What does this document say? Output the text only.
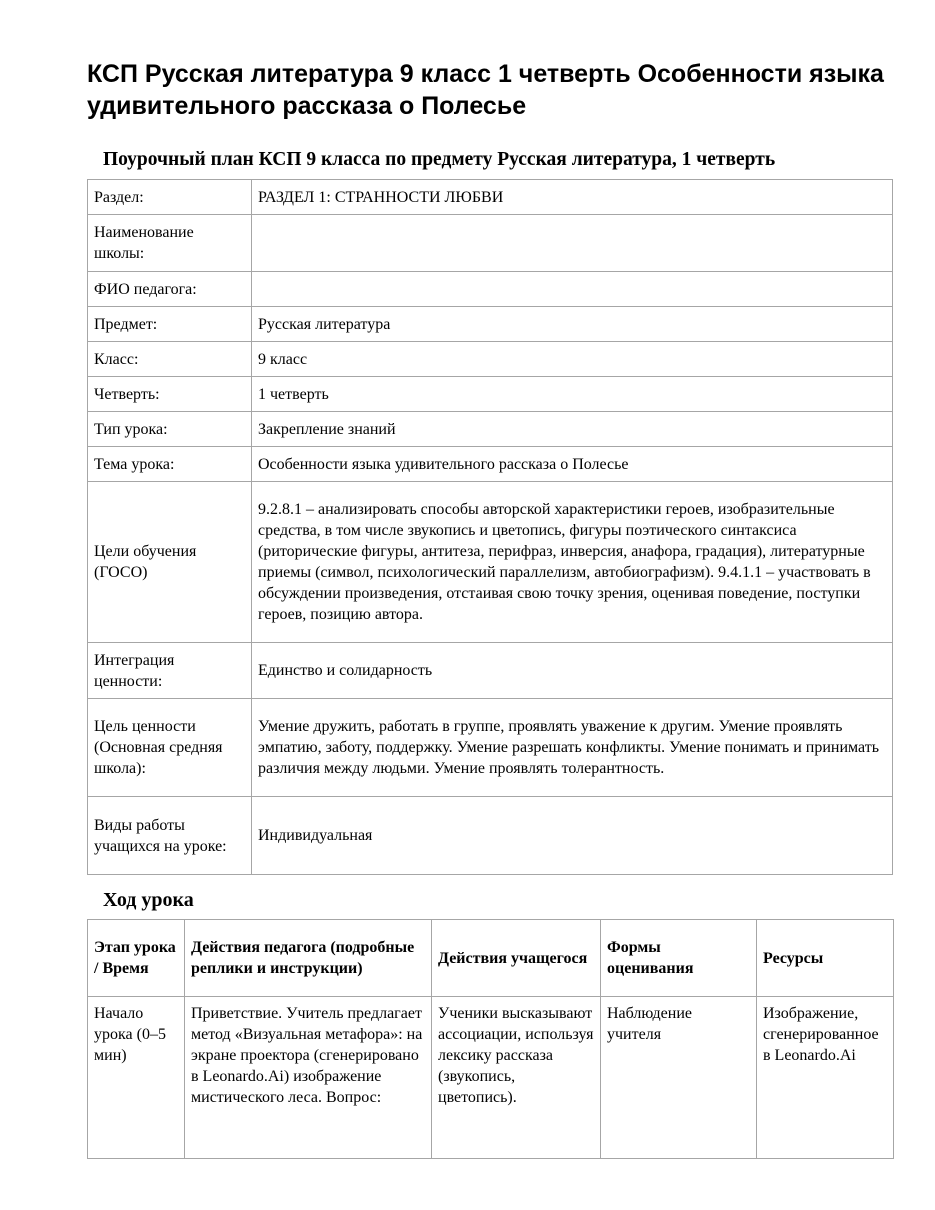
КСП Русская литература 9 класс 1 четверть Особенности языка удивительного рассказа о Полесье
Поурочный план КСП 9 класса по предмету Русская литература, 1 четверть
Раздел:	РАЗДЕЛ 1: СТРАННОСТИ ЛЮБВИ
Наименование школы:	
ФИО педагога:	
Предмет:	Русская литература
Класс:	9 класс
Четверть:	1 четверть
Тип урока:	Закрепление знаний
Тема урока:	Особенности языка удивительного рассказа о Полесье
Цели обучения (ГОСО)	9.2.8.1 – анализировать способы авторской характеристики героев, изобразительные средства, в том числе звукопись и цветопись, фигуры поэтического синтаксиса (риторические фигуры, антитеза, перифраз, инверсия, анафора, градация), литературные приемы (символ, психологический параллелизм, автобиографизм). 9.4.1.1 – участвовать в обсуждении произведения, отстаивая свою точку зрения, оценивая поведение, поступки героев, позицию автора.
Интеграция ценности:	Единство и солидарность
Цель ценности (Основная средняя школа):	Умение дружить, работать в группе, проявлять уважение к другим. Умение проявлять эмпатию, заботу, поддержку. Умение разрешать конфликты. Умение понимать и принимать различия между людьми. Умение проявлять толерантность.
Виды работы учащихся на уроке:	Индивидуальная
Ход урока
Этап урока / Время	Действия педагога (подробные реплики и инструкции)	Действия учащегося	Формы оценивания	Ресурсы
Начало урока (0–5 мин)	Приветствие. Учитель предлагает метод «Визуальная метафора»: на экране проектора (сгенерировано в Leonardo.Ai) изображение мистического леса. Вопрос:	Ученики высказывают ассоциации, используя лексику рассказа (звукопись, цветопись).	Наблюдение учителя	Изображение, сгенерированное в Leonardo.Ai
